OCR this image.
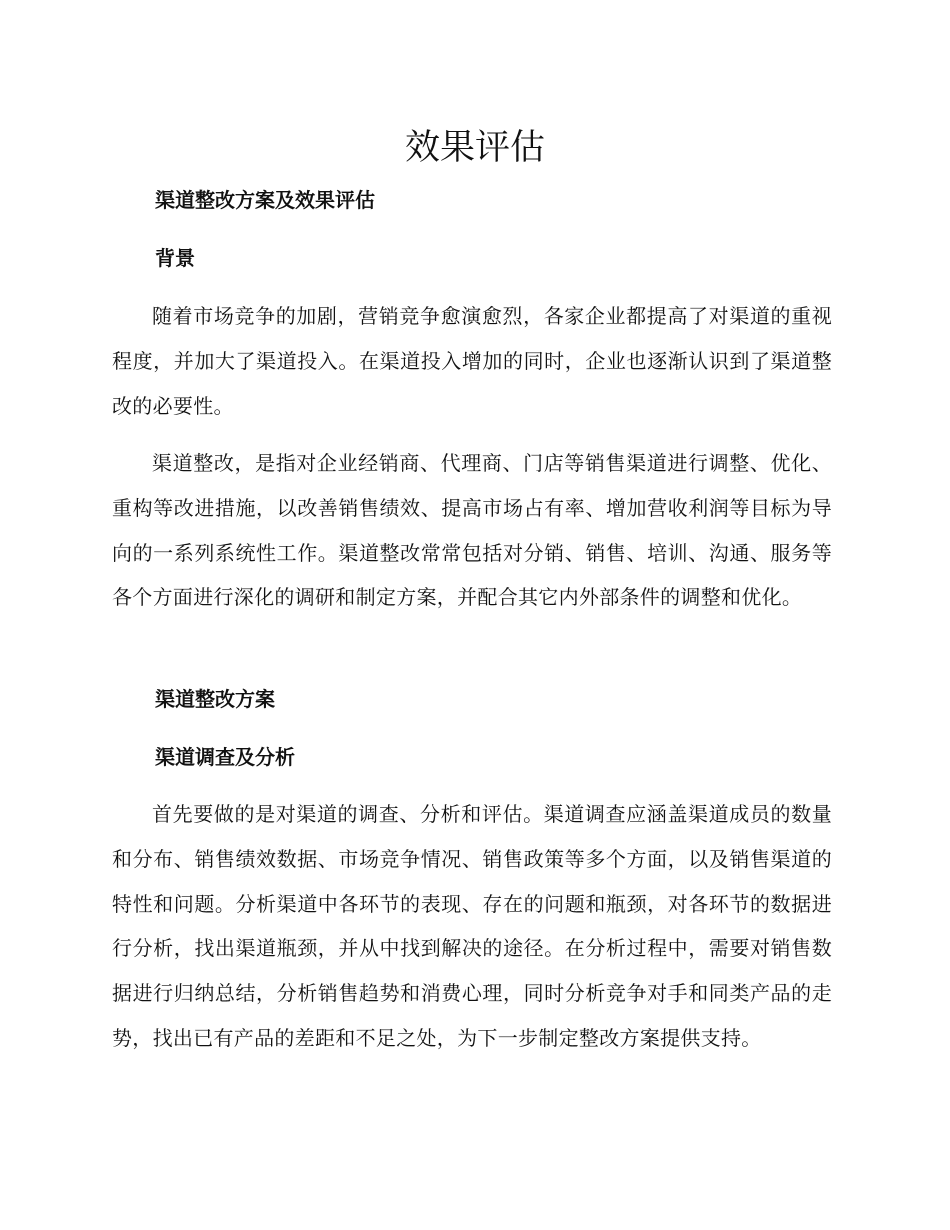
效果评估
渠道整改方案及效果评估
背景

随着市场竞争的加剧，营销竞争愈演愈烈，各家企业都提高了对渠道的重视程度，并加大了渠道投入。在渠道投入增加的同时，企业也逐渐认识到了渠道整改的必要性。

渠道整改，是指对企业经销商、代理商、门店等销售渠道进行调整、优化、重构等改进措施，以改善销售绩效、提高市场占有率、增加营收利润等目标为导向的一系列系统性工作。渠道整改常常包括对分销、销售、培训、沟通、服务等各个方面进行深化的调研和制定方案，并配合其它内外部条件的调整和优化。

渠道整改方案
渠道调查及分析

首先要做的是对渠道的调查、分析和评估。渠道调查应涵盖渠道成员的数量和分布、销售绩效数据、市场竞争情况、销售政策等多个方面，以及销售渠道的特性和问题。分析渠道中各环节的表现、存在的问题和瓶颈，对各环节的数据进行分析，找出渠道瓶颈，并从中找到解决的途径。在分析过程中，需要对销售数据进行归纳总结，分析销售趋势和消费心理，同时分析竞争对手和同类产品的走势，找出已有产品的差距和不足之处，为下一步制定整改方案提供支持。
